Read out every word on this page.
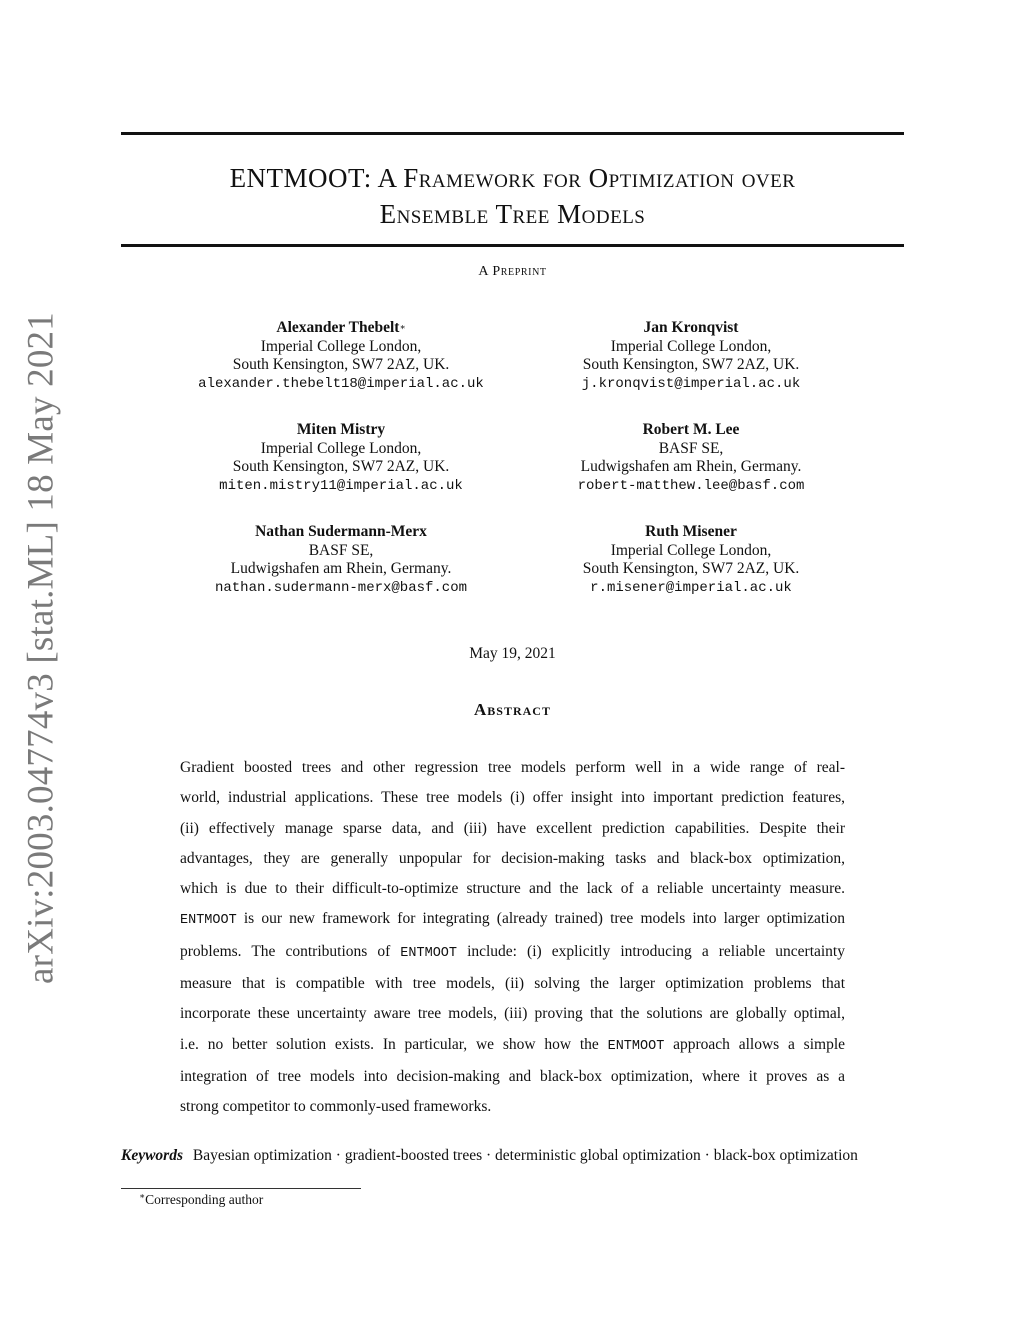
arXiv:2003.04774v3 [stat.ML] 18 May 2021
ENTMOOT: A Framework for Optimization over
Ensemble Tree Models
A Preprint
Alexander Thebelt∗
Imperial College London,
South Kensington, SW7 2AZ, UK.
alexander.thebelt18@imperial.ac.uk
Jan Kronqvist
Imperial College London,
South Kensington, SW7 2AZ, UK.
j.kronqvist@imperial.ac.uk
Miten Mistry
Imperial College London,
South Kensington, SW7 2AZ, UK.
miten.mistry11@imperial.ac.uk
Robert M. Lee
BASF SE,
Ludwigshafen am Rhein, Germany.
robert-matthew.lee@basf.com
Nathan Sudermann-Merx
BASF SE,
Ludwigshafen am Rhein, Germany.
nathan.sudermann-merx@basf.com
Ruth Misener
Imperial College London,
South Kensington, SW7 2AZ, UK.
r.misener@imperial.ac.uk
May 19, 2021
Abstract
Gradient boosted trees and other regression tree models perform well in a wide range of real-
world, industrial applications. These tree models (i) offer insight into important prediction features,
(ii) effectively manage sparse data, and (iii) have excellent prediction capabilities. Despite their
advantages, they are generally unpopular for decision-making tasks and black-box optimization,
which is due to their difficult-to-optimize structure and the lack of a reliable uncertainty measure.
ENTMOOT is our new framework for integrating (already trained) tree models into larger optimization
problems. The contributions of ENTMOOT include: (i) explicitly introducing a reliable uncertainty
measure that is compatible with tree models, (ii) solving the larger optimization problems that
incorporate these uncertainty aware tree models, (iii) proving that the solutions are globally optimal,
i.e. no better solution exists. In particular, we show how the ENTMOOT approach allows a simple
integration of tree models into decision-making and black-box optimization, where it proves as a
strong competitor to commonly-used frameworks.
Keywords Bayesian optimization · gradient-boosted trees · deterministic global optimization · black-box optimization
∗Corresponding author
